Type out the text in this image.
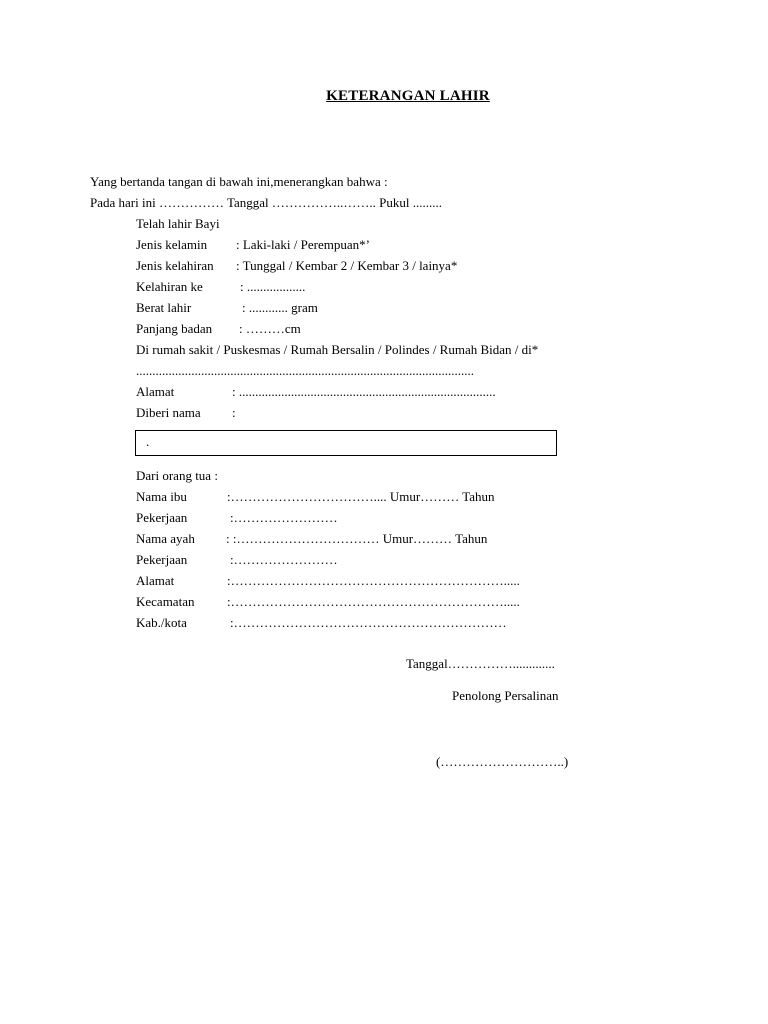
KETERANGAN LAHIR
Yang bertanda tangan di bawah ini,menerangkan bahwa :
Pada hari ini …………… Tanggal ……………..…….. Pukul .........
Telah lahir Bayi
Jenis kelamin : Laki-laki / Perempuan*’
Jenis kelahiran : Tunggal / Kembar 2 / Kembar 3 / lainya*
Kelahiran ke	: ..................
Berat lahir	: ............ gram
Panjang badan : ………cm
Di rumah sakit / Puskesmas / Rumah Bersalin / Polindes / Rumah Bidan / di*
........................................................................................................
Alamat	: ...............................................................................
Diberi nama :
.
Dari orang tua :
Nama ibu	:…………………………….... Umur……… Tahun
Pekerjaan	:……………………
Nama ayah : :…………………………… Umur……… Tahun
Pekerjaan	:……………………
Alamat	:……………………………………………………….....
Kecamatan	:……………………………………………………….....
Kab./kota	:………………………………………………………
Tanggal…………….............
Penolong Persalinan
(………………………..)
